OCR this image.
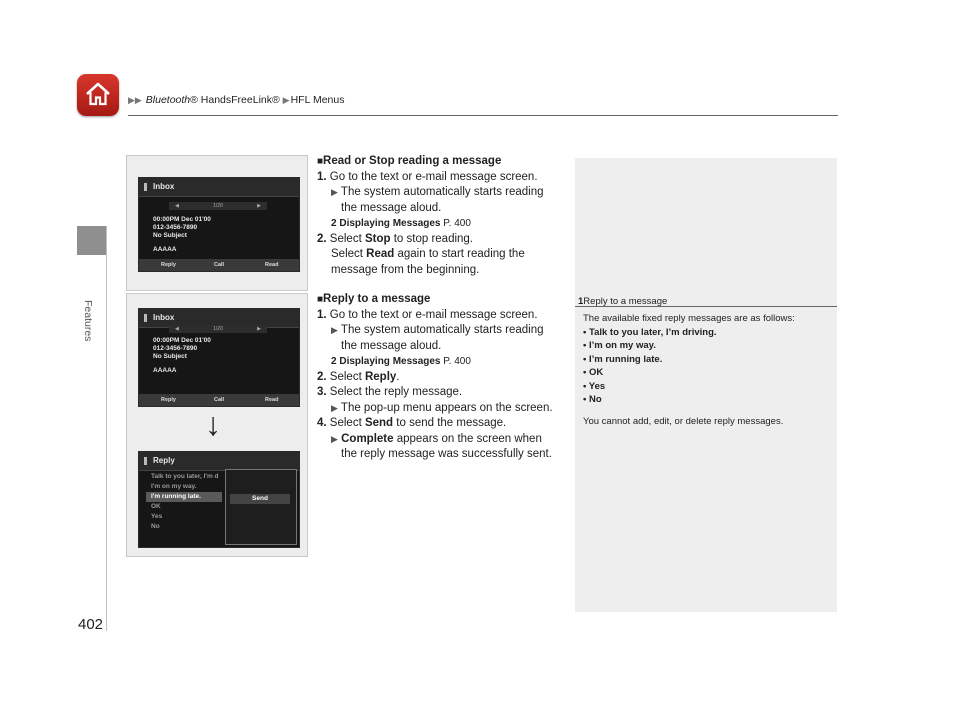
▶▶ Bluetooth® HandsFreeLink® ▶HFL Menus
Features
402
Inbox
◀	1/20	▶
00:00PM Dec 01'00
012-3456-7890
No Subject
AAAAA
Reply	Call	Read
Inbox
◀	1/20	▶
00:00PM Dec 01'00
012-3456-7890
No Subject
AAAAA
Reply	Call	Read
↓
Reply
Talk to you later, I'm d
I'm on my way.
I'm running late.
OK
Yes
No
Send
■Read or Stop reading a message
1. Go to the text or e-mail message screen.
▶ The system automatically starts reading
the message aloud.
2 Displaying Messages P. 400
2. Select Stop to stop reading.
Select Read again to start reading the
message from the beginning.
■Reply to a message
1. Go to the text or e-mail message screen.
▶ The system automatically starts reading
the message aloud.
2 Displaying Messages P. 400
2. Select Reply.
3. Select the reply message.
▶ The pop-up menu appears on the screen.
4. Select Send to send the message.
▶ Complete appears on the screen when
the reply message was successfully sent.
1Reply to a message
The available fixed reply messages are as follows:
• Talk to you later, I’m driving.
• I’m on my way.
• I’m running late.
• OK
• Yes
• No
You cannot add, edit, or delete reply messages.
